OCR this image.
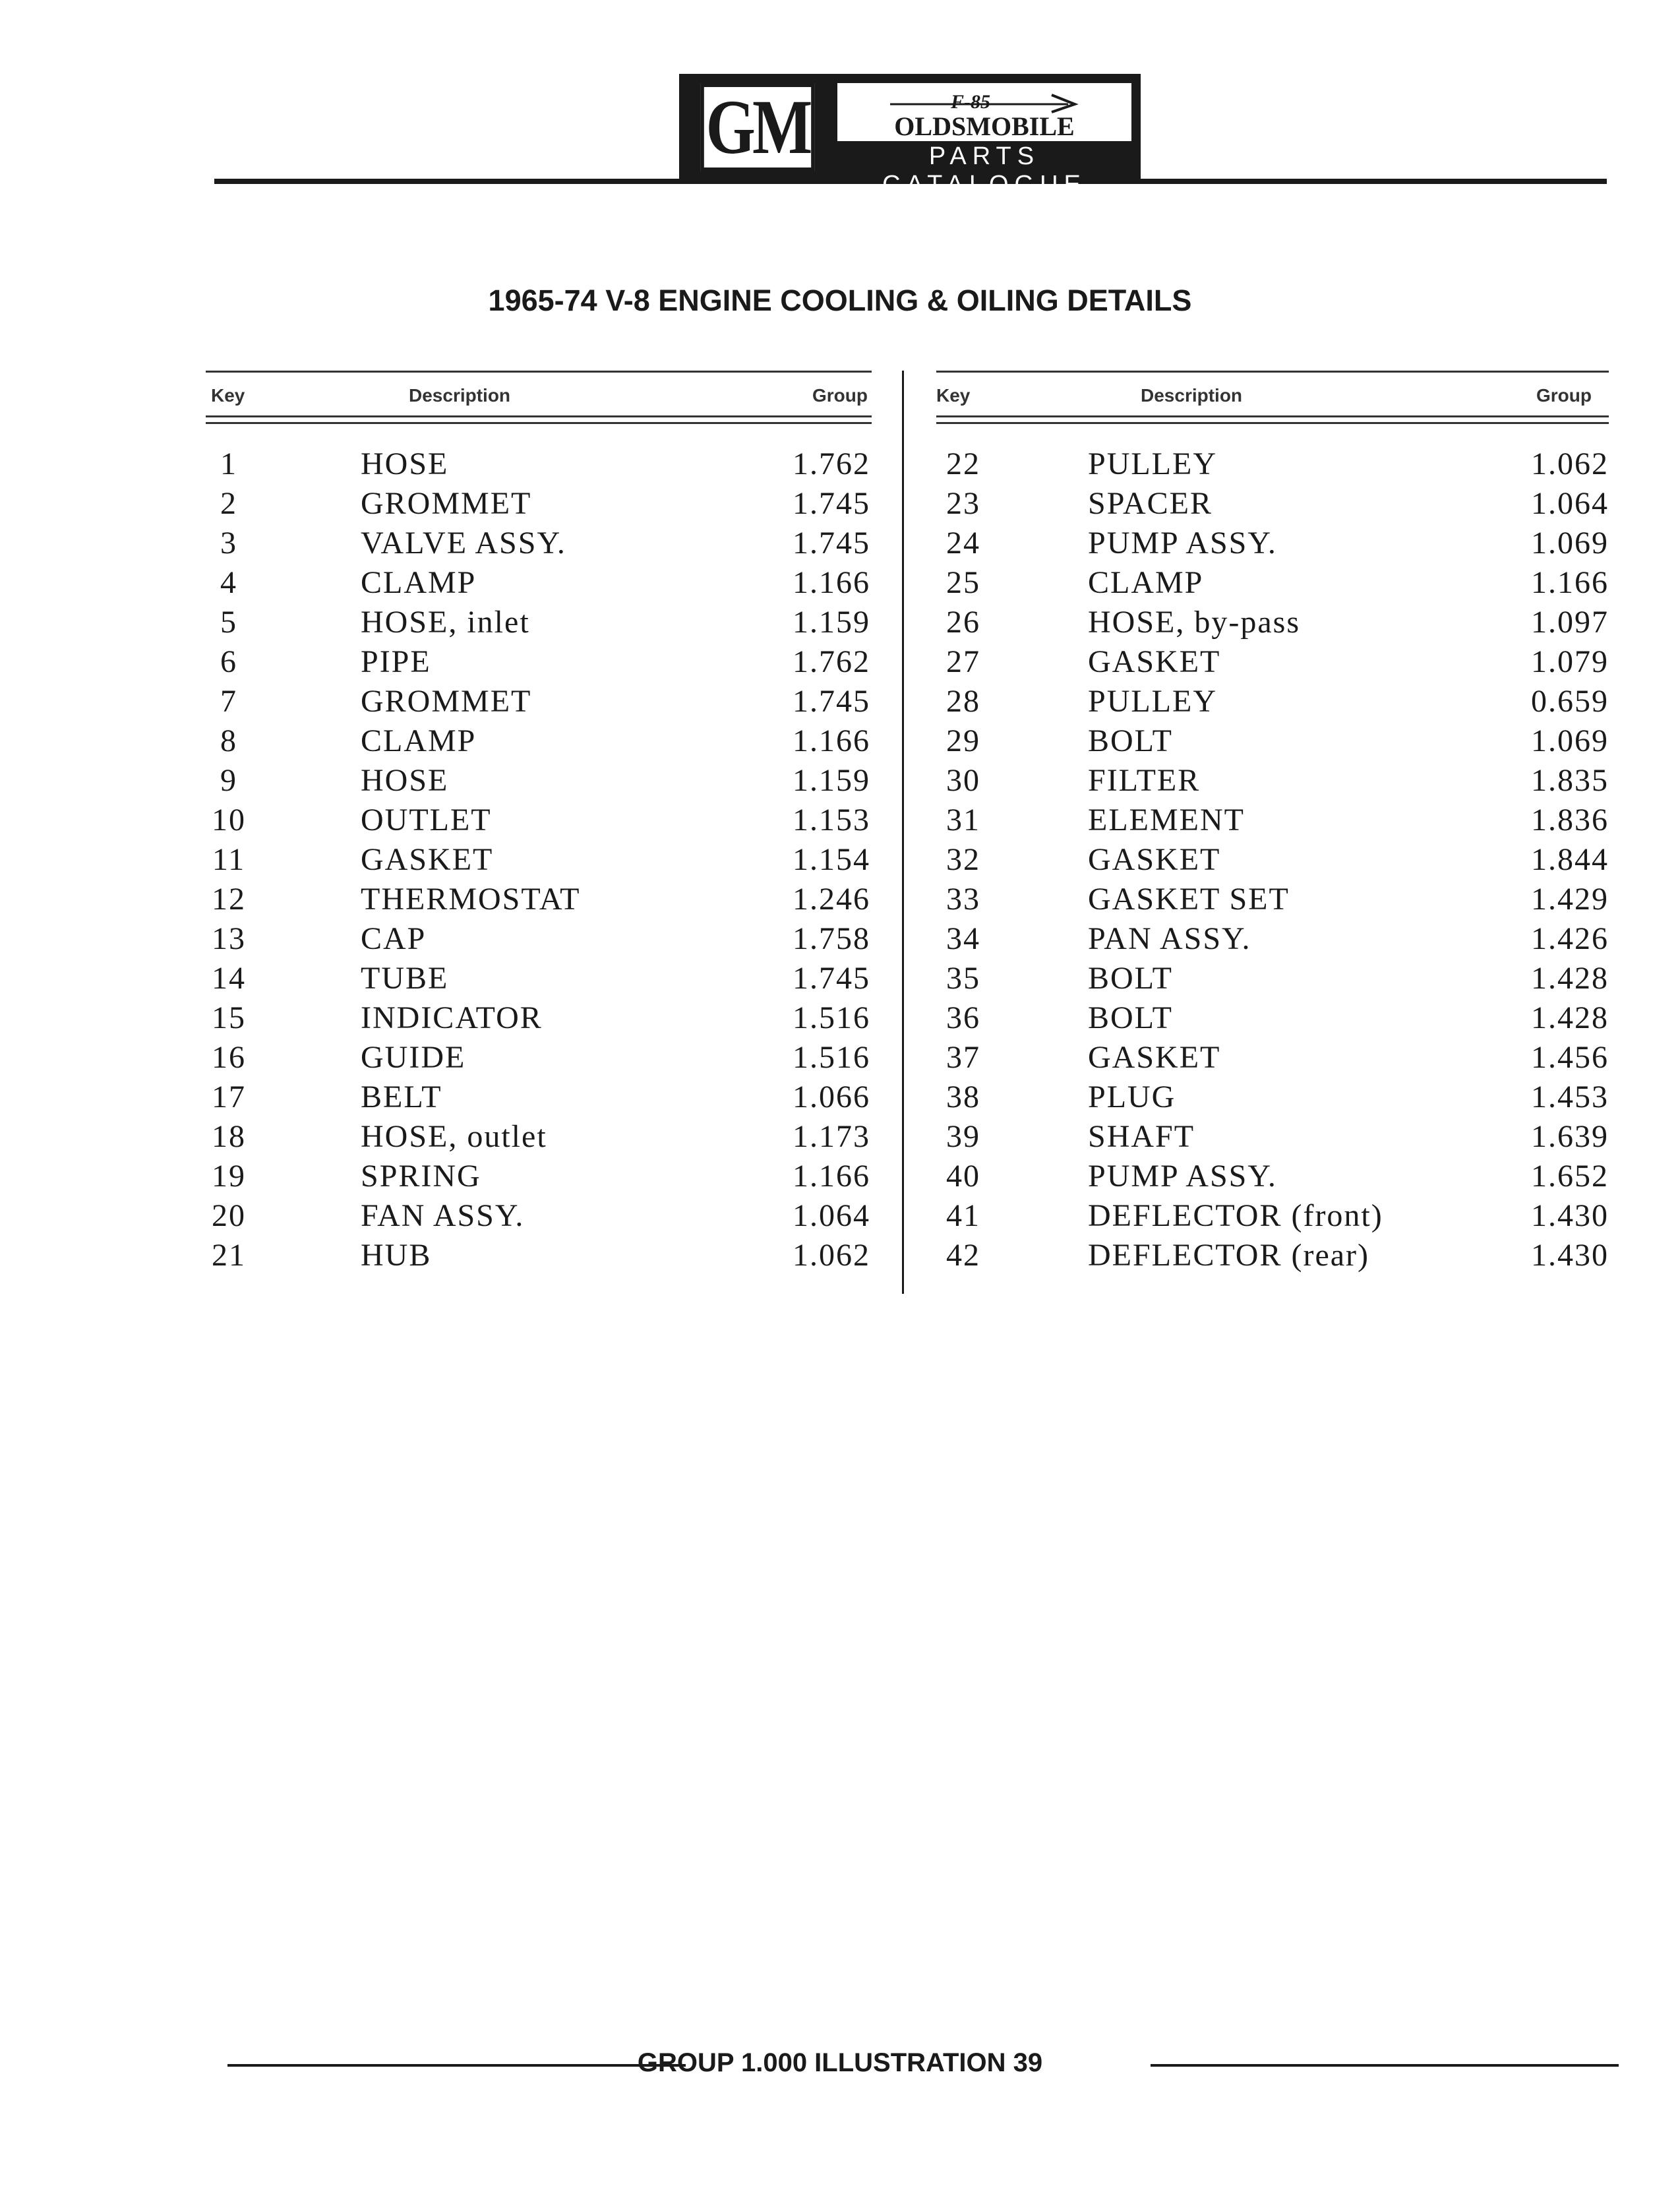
GM	F-85
OLDSMOBILE
PARTS CATALOGUE
1965-74 V-8 ENGINE COOLING & OILING DETAILS
Key	Description	Group
1	HOSE	1.762
2	GROMMET	1.745
3	VALVE ASSY.	1.745
4	CLAMP	1.166
5	HOSE, inlet	1.159
6	PIPE	1.762
7	GROMMET	1.745
8	CLAMP	1.166
9	HOSE	1.159
10	OUTLET	1.153
11	GASKET	1.154
12	THERMOSTAT	1.246
13	CAP	1.758
14	TUBE	1.745
15	INDICATOR	1.516
16	GUIDE	1.516
17	BELT	1.066
18	HOSE, outlet	1.173
19	SPRING	1.166
20	FAN ASSY.	1.064
21	HUB	1.062
Key	Description	Group
22	PULLEY	1.062
23	SPACER	1.064
24	PUMP ASSY.	1.069
25	CLAMP	1.166
26	HOSE, by-pass	1.097
27	GASKET	1.079
28	PULLEY	0.659
29	BOLT	1.069
30	FILTER	1.835
31	ELEMENT	1.836
32	GASKET	1.844
33	GASKET SET	1.429
34	PAN ASSY.	1.426
35	BOLT	1.428
36	BOLT	1.428
37	GASKET	1.456
38	PLUG	1.453
39	SHAFT	1.639
40	PUMP ASSY.	1.652
41	DEFLECTOR (front)	1.430
42	DEFLECTOR (rear)	1.430
GROUP 1.000 ILLUSTRATION 39
